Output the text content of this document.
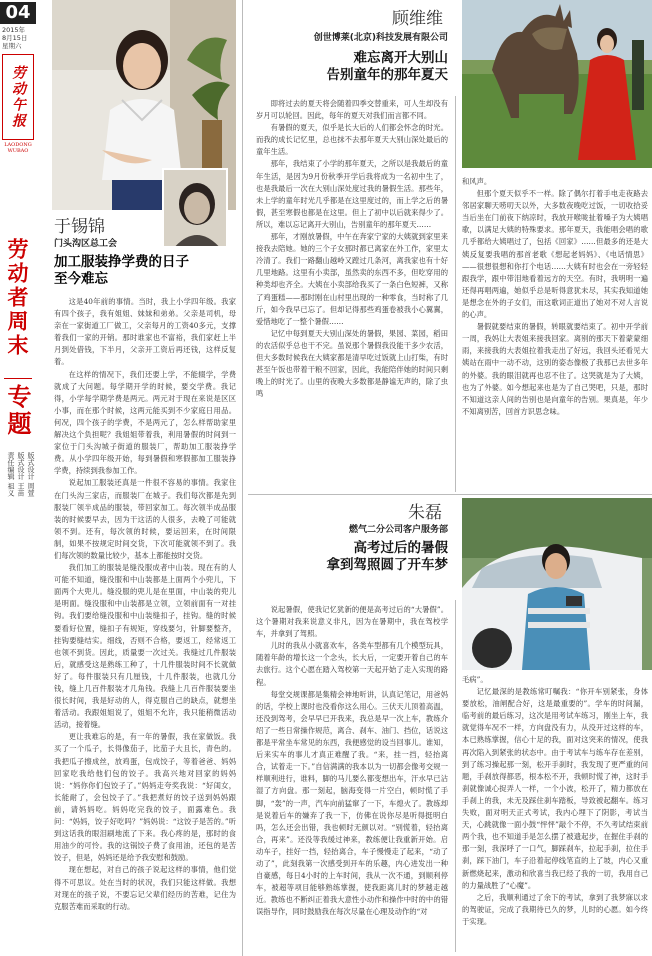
04
2015年
8月15日
星期六
劳动午报
LAODONG WUBAO
劳动者周末
专题
版式设计 周萱
版式设计 王苗
责任编辑 祖义
于锡锦
门头沟区总工会
加工服装挣学费的日子
至今难忘

这是40年前的事情。当时，我上小学四年级。我家有四个孩子，我有姐姐、妹妹和弟弟。父亲是司机，母亲在一家街道工厂做工，父亲每月的工资40多元，支撑着我们一家的开销。那时谁家也不富裕，我们家赶上半月到处借钱，下半月，父亲开工资后再还钱，这样反复着。

在这样的情况下，我们还要上学，不能辍学，学费就成了大问题。每学期开学的时候，要交学费。我记得，小学每学期学费是两元。两元对于现在来说是区区小事，而在那个时候，这两元能买到不少家庭日用品。何况，四个孩子的学费，不是两元了，怎么样帮助家里解决这个负担呢？我姐姐带着我，利用暑假的时间到一家位于门头沟城子街道的服装厂，帮助加工服装挣学费。从小学四年级开始，每到暑假和寒假都加工服装挣学费，持续到我参加工作。

说起加工服装还真是一件很不容易的事情。我家住在门头沟三家店，而服装厂在城子。我们每次都是先到服装厂领半成品的服装，带回家加工。每次领半成品服装的时候要早去，因为干这活的人很多，去晚了可能就领不到。还有，每次领的时候，要运回来，在时间限制，如果不按规定时间交货，下次可能就领不到了。我们每次领的数量比较少，基本上都能按时交货。

我们加工的服装是缝没服成者中山装。现在有的人可能不知道，缝没服和中山装都是上面两个小兜儿，下面两个大兜儿。缝没服的兜儿是在里面，中山装的兜儿是明面。缝没服和中山装都是立领，立领前面有一对挂钩。我们要给缝没服和中山装缝扣子，挂钩。缝的时候要看好位置，缝扣子有规矩，穿线要匀，针脚要整齐，挂钩要缝结实。细线，否则不合格，要返工，经常返工也领不到货。因此，质量要一次过关。我缝过几件服装后，就感受这是熟练工种了，十几件服装时间不长就做好了。每件服装只有几厘钱，十几件服装，也就几分钱，缝上几百件服装才几角钱。我缝上几百件服装要坐很长时间，我是好动的人，得克服自己的缺点，就想坐着活动。我跟姐姐说了，姐姐不允许，我只能稍微活动活动，接着缝。

更让我难忘的是，有一年的暑假，我在家做饭。我买了一个瓜子，长得像茄子，比茄子大且长，青色的。我把瓜子擦成丝，放鸡蛋，包成饺子，等着爸爸、妈妈回家吃我给他们包的饺子。我高兴地对回家的妈妈说：“妈你你们包饺子了。”妈妈走夸奖我说：“好闺女，长能耐了，会包饺子了。”我把煮好的饺子送到妈妈跟前，请妈妈吃。妈妈吃完我的饺子，面露难色。我问：“妈妈，饺子好吃吗？”妈妈说：“这饺子是苦的。”听到这话我的眼泪刷地流了下来。我心疼的是，那时的食用油少的可怜。我的这锅饺子费了食用油，还包的是苦饺子，但是，妈妈还是给予我安慰和鼓励。

现在想起，对自己的孩子说起这样的事情，他们觉得不可思议。处在当时的状况，我们只能这样做。我想对现在的孩子说，不要忘记父辈们经历的苦难，记住为克服苦难而采取的行动。

顾维维
创世博莱(北京)科技发展有限公司
难忘离开大别山
告别童年的那年夏天

即将过去的夏天将会随着四季交替重来，可人生却没有岁月可以轮回。因此，每年的夏天对我们而言都不同。

有暑假的夏天，似乎是长大后的人们都会怀念的时光。而我的成长记忆里，总也抹不去那年夏天大别山深处最后的童年生活。

那年，我结束了小学的那年夏天，之所以是我最后的童年生活，是因为9月份秋季开学后我将成为一名初中生了，也是我最后一次在大别山深处度过我的暑假生活。那些年，未上学的童年时光几乎都是在这里度过的，而上学之后的暑假，甚至寒假也都是在这里。但上了初中以后就来得少了。所以，难以忘记离开大别山，告别童年的那年夏天……

那年，才刚放暑假，中午在奔家宁家的大姨就到家里来接我去陪她。她的三个子女那时都已离家在外工作，家里太冷清了。我们一路翻山越岭又蹚过几条河，离我家也有十好几里地路。这里有小卖部，虽然卖的东西不多，但吃穿用的种类却也齐全。大姨在小卖部给我买了一条白色短裤，又称了鸡蛋糕——那时刚在山村里出现的一种零食，当时称了几斤，如今我早已忘了。但却记得那些鸡蛋卷被我小心翼翼，爱惜地吃了一整个暑假……

记忆中每到夏天大别山深处的暑假，果园、菜园，稻田的农活似乎总也干不完。虽说那个暑假我没能干多少农活，但大多数时候我在大姨家都是清早吃过饭就上山打柴，有时甚至午饭也带着干粮不回家，因此，我能陪伴她的时间只剩晚上的时光了。山里的夜晚大多数都是静谧无声的，除了虫鸣

和风声。

但那个夏天似乎不一样。除了偶尔打着手电走夜路去邻居家聊天唠叨天以外，大多数夜晚吃过饭，一切收拾妥当后坐在门前夜下纳凉时，我放开喉咙扯着嗓子为大姨唱歌，以满足大姨的特殊要求。那年夏天，我能唱会唱的歌几乎都给大姨唱过了，包括《回家》……但最多的还是大姨反复要我唱的那首老歌《想起老妈妈》、《电话情思》——很想很想和你打个电话……大姨有时也会在一旁轻轻跟我学，跟中带泪地看着远方的天空。有时，我明明一遍还得再唱两遍，她似乎总是听得意犹未尽，其实我知道她是想念在外的子女们，而这歌词正道出了她对不对人言说的心声。

暑假就要结束的暑假，转眼就要结束了。初中开学前一周，我妈让大表姐来接我回家。离别的那天下着蒙蒙细雨，来接我的大表姐拉着我走出了好远，我回头还看见大姨站在雨中一动不动，这别的姿态像极了我那已去世多年的外婆。我的眼泪就再也忍不住了。这哭就是为了大姨，也为了外婆。如今想起来也是为了自己哭吧，只是，那时不知道这亲人间的告别也是向童年的告别。果真是，年少不知离别苦，回首方识思念味。

朱磊
燃气二分公司客户服务部
高考过后的暑假
拿到驾照圆了开车梦

说起暑假，使我记忆犹新的便是高考过后的“大暑假”。这个暑期对我来说意义非凡，因为在暑期中，我在驾校学车，并拿到了驾照。

儿时的我从小就喜欢车，各类车型都有几个模型玩具，随着年龄的增长这一个念头，长大后，一定要开着自己的车去旅行。这个心愿在踏入驾校第一天起开始了走入实现的路程。

每堂交规课都是集精会神地听讲，认真记笔记，用爸妈的话，学校上课时也没看你这么用心。三伏天儿顶着高温，还没到驾考，会早早已开我来，我总是早一次上车，教练介绍了一些日常操作规范，离合、刹车、油门、挡位，话说这都是平常坐车常见的东西，我便感觉的设当回事儿。谁知，后来实车的事儿才真正难醒了我。“来，挂一挡，轻抬离合，试着走一下。”自信满满的我本以为一切都会像考交规一样顺利进行，谁料，脚的马儿要么都变想出车，汗水早已沾湿了方向盘。那一刻起，脑海变得一片空白，顿时慌了手脚，“轰”的一声，汽车向前猛窜了一下，车熄火了。教练却是说着后车的嫌弃了我一下，仿佛在说你尽是听得挺明白吗，怎么还会出错，我也顿时无颜以对。“别慌着，轻抬离合，再来”。还没等我缓过神来，教练便让我重新开始。启动车子，挂好一挡，轻抬离合，车子慢慢走了起来，“动了动了”，此刻我第一次感受到开车的乐趣，内心进发出一种自豪感，每日4小时的上车时间，我从一次不通，到顺利停车，被超等项目能够熟练掌握，使我距离儿时的梦越走越近。教练也不断纠正着我大意性小动作和操作中时的中的错误指导作，同时鼓励我在每次尽量在心理及动作的“对

毛病”。

记忆最深的是教练常叮嘱我：“你开车别紧张，身体要放松，油闸配合好，这是最重要的”。学车的时间漏，临考前的最后练习，这次是用考试车练习，刚坐上车，我就觉得车况不一样，方向盘没有力，从没开过这样的车，本已熟练掌握，信心十足的我，面对这突来的情况，使我再次陷入到紧张的状态中。由于考试车与练车存在差别，到了练习操起那一刻，松开手刹时，我发现了更严重的问题，手刹放得都恶，根本松不开，我顿时慌了神，这时手刹就像诚心捉弄人一样，一个小波，松开了，精力都放在手刹上的我，未无及踩住刹车踏板，导致被起翻车。练习失败，面对明天正式考试，我内心埋下了阴影，考试当天，心跳就像一面小鼓“怦怦”敲个不停，不久考试结束前两个我，也不知道手是怎么摆了被遗起步，在握住手刹的那一刻，我深呼了一口气，脚踩刹车，拉起手刹，拉住手刹，踩下油门，车子沿着起停线笔直的上了坡，内心又重新燃烧起来，激动和欣喜当我已经了我的一切，我用自己的力量战胜了“心魔”。

之后，我顺利通过了余下的考试，拿到了我梦寐以求的驾驶证，完成了我期待已久的梦，儿时的心愿。如今终于实现。
